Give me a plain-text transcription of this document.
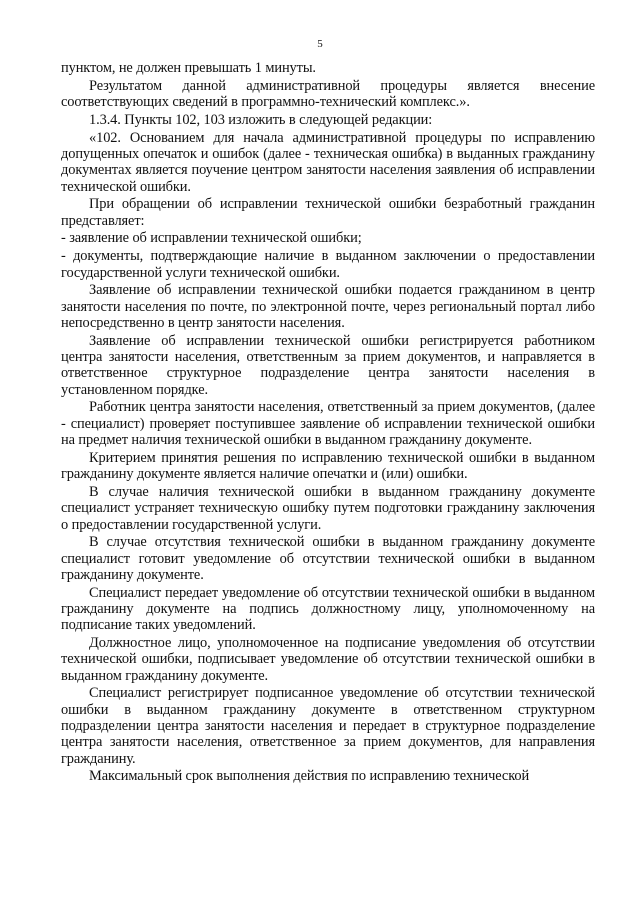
5

пунктом, не должен превышать 1 минуты.

Результатом данной административной процедуры является внесение соответствующих сведений в программно-технический комплекс.».

1.3.4. Пункты 102, 103 изложить в следующей редакции:

«102. Основанием для начала административной процедуры по исправлению допущенных опечаток и ошибок (далее - техническая ошибка) в выданных гражданину документах является поучение центром занятости населения заявления об исправлении технической ошибки.

При обращении об исправлении технической ошибки безработный гражданин представляет:

- заявление об исправлении технической ошибки;

- документы, подтверждающие наличие в выданном заключении о предоставлении государственной услуги технической ошибки.

Заявление об исправлении технической ошибки подается гражданином в центр занятости населения по почте, по электронной почте, через региональный портал либо непосредственно в центр занятости населения.

Заявление об исправлении технической ошибки регистрируется работником центра занятости населения, ответственным за прием документов, и направляется в ответственное структурное подразделение центра занятости населения в установленном порядке.

Работник центра занятости населения, ответственный за прием документов, (далее - специалист) проверяет поступившее заявление об исправлении технической ошибки на предмет наличия технической ошибки в выданном гражданину документе.

Критерием принятия решения по исправлению технической ошибки в выданном гражданину документе является наличие опечатки и (или) ошибки.

В случае наличия технической ошибки в выданном гражданину документе специалист устраняет техническую ошибку путем подготовки гражданину заключения о предоставлении государственной услуги.

В случае отсутствия технической ошибки в выданном гражданину документе специалист готовит уведомление об отсутствии технической ошибки в выданном гражданину документе.

Специалист передает уведомление об отсутствии технической ошибки в выданном гражданину документе на подпись должностному лицу, уполномоченному на подписание таких уведомлений.

Должностное лицо, уполномоченное на подписание уведомления об отсутствии технической ошибки, подписывает уведомление об отсутствии технической ошибки в выданном гражданину документе.

Специалист регистрирует подписанное уведомление об отсутствии технической ошибки в выданном гражданину документе в ответственном структурном подразделении центра занятости населения и передает в структурное подразделение центра занятости населения, ответственное за прием документов, для направления гражданину.

Максимальный срок выполнения действия по исправлению технической
